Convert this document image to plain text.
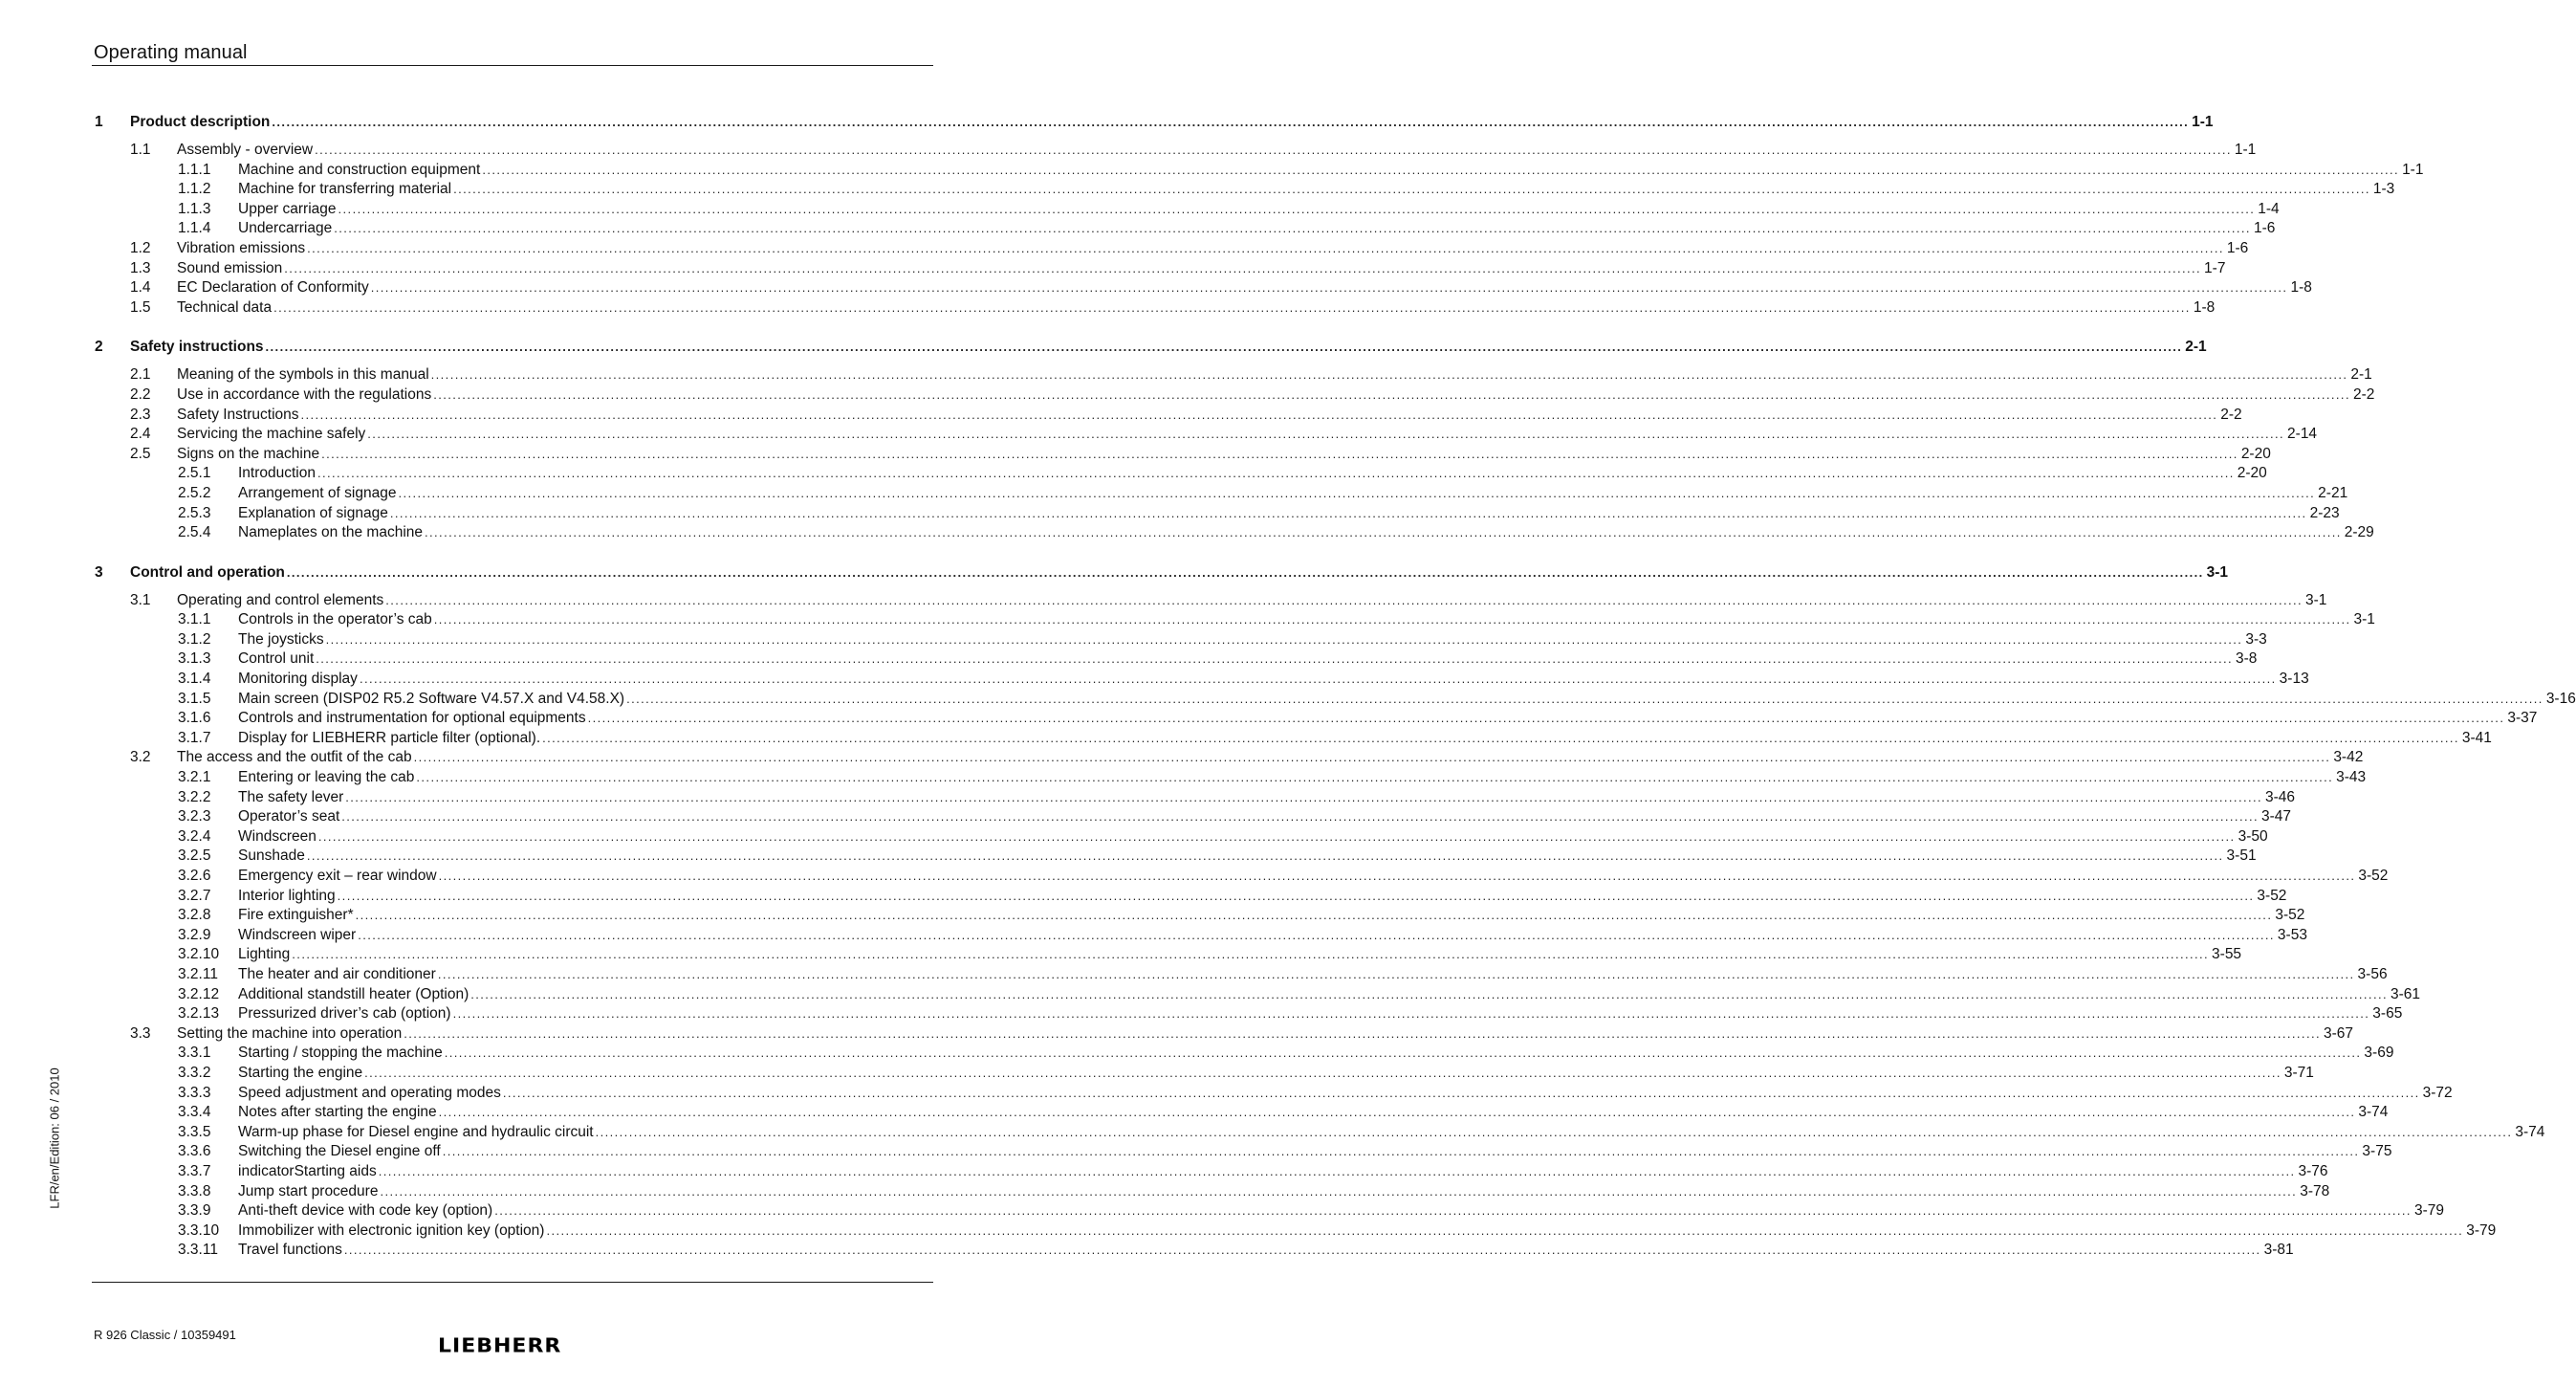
Operating manual
1 Product description ................................................................................................................................................................................................................................................................................................................................................................................................................ 1-1
1.1 Assembly - overview ................................................................................................................................................................................................................................................................................................................................................................................................................ 1-1
1.1.1 Machine and construction equipment ................................................................................................................................................................................................................................................................................................................................................................................................................ 1-1
1.1.2 Machine for transferring material ................................................................................................................................................................................................................................................................................................................................................................................................................ 1-3
1.1.3 Upper carriage ................................................................................................................................................................................................................................................................................................................................................................................................................ 1-4
1.1.4 Undercarriage ................................................................................................................................................................................................................................................................................................................................................................................................................ 1-6
1.2 Vibration emissions ................................................................................................................................................................................................................................................................................................................................................................................................................ 1-6
1.3 Sound emission ................................................................................................................................................................................................................................................................................................................................................................................................................ 1-7
1.4 EC Declaration of Conformity ................................................................................................................................................................................................................................................................................................................................................................................................................ 1-8
1.5 Technical data ................................................................................................................................................................................................................................................................................................................................................................................................................ 1-8
2 Safety instructions ................................................................................................................................................................................................................................................................................................................................................................................................................ 2-1
2.1 Meaning of the symbols in this manual ................................................................................................................................................................................................................................................................................................................................................................................................................ 2-1
2.2 Use in accordance with the regulations ................................................................................................................................................................................................................................................................................................................................................................................................................ 2-2
2.3 Safety Instructions ................................................................................................................................................................................................................................................................................................................................................................................................................ 2-2
2.4 Servicing the machine safely ................................................................................................................................................................................................................................................................................................................................................................................................................ 2-14
2.5 Signs on the machine ................................................................................................................................................................................................................................................................................................................................................................................................................ 2-20
2.5.1 Introduction ................................................................................................................................................................................................................................................................................................................................................................................................................ 2-20
2.5.2 Arrangement of signage ................................................................................................................................................................................................................................................................................................................................................................................................................ 2-21
2.5.3 Explanation of signage ................................................................................................................................................................................................................................................................................................................................................................................................................ 2-23
2.5.4 Nameplates on the machine ................................................................................................................................................................................................................................................................................................................................................................................................................ 2-29
3 Control and operation ................................................................................................................................................................................................................................................................................................................................................................................................................ 3-1
3.1 Operating and control elements ................................................................................................................................................................................................................................................................................................................................................................................................................ 3-1
3.1.1 Controls in the operator’s cab ................................................................................................................................................................................................................................................................................................................................................................................................................ 3-1
3.1.2 The joysticks ................................................................................................................................................................................................................................................................................................................................................................................................................ 3-3
3.1.3 Control unit ................................................................................................................................................................................................................................................................................................................................................................................................................ 3-8
3.1.4 Monitoring display ................................................................................................................................................................................................................................................................................................................................................................................................................ 3-13
3.1.5 Main screen (DISP02 R5.2 Software V4.57.X and V4.58.X) ................................................................................................................................................................................................................................................................................................................................................................................................................ 3-16
3.1.6 Controls and instrumentation for optional equipments ................................................................................................................................................................................................................................................................................................................................................................................................................ 3-37
3.1.7 Display for LIEBHERR particle filter (optional). ................................................................................................................................................................................................................................................................................................................................................................................................................ 3-41
3.2 The access and the outfit of the cab ................................................................................................................................................................................................................................................................................................................................................................................................................ 3-42
3.2.1 Entering or leaving the cab ................................................................................................................................................................................................................................................................................................................................................................................................................ 3-43
3.2.2 The safety lever ................................................................................................................................................................................................................................................................................................................................................................................................................ 3-46
3.2.3 Operator’s seat ................................................................................................................................................................................................................................................................................................................................................................................................................ 3-47
3.2.4 Windscreen ................................................................................................................................................................................................................................................................................................................................................................................................................ 3-50
3.2.5 Sunshade ................................................................................................................................................................................................................................................................................................................................................................................................................ 3-51
3.2.6 Emergency exit – rear window ................................................................................................................................................................................................................................................................................................................................................................................................................ 3-52
3.2.7 Interior lighting ................................................................................................................................................................................................................................................................................................................................................................................................................ 3-52
3.2.8 Fire extinguisher* ................................................................................................................................................................................................................................................................................................................................................................................................................ 3-52
3.2.9 Windscreen wiper ................................................................................................................................................................................................................................................................................................................................................................................................................ 3-53
3.2.10 Lighting ................................................................................................................................................................................................................................................................................................................................................................................................................ 3-55
3.2.11 The heater and air conditioner ................................................................................................................................................................................................................................................................................................................................................................................................................ 3-56
3.2.12 Additional standstill heater (Option) ................................................................................................................................................................................................................................................................................................................................................................................................................ 3-61
3.2.13 Pressurized driver’s cab (option) ................................................................................................................................................................................................................................................................................................................................................................................................................ 3-65
3.3 Setting the machine into operation ................................................................................................................................................................................................................................................................................................................................................................................................................ 3-67
3.3.1 Starting / stopping the machine ................................................................................................................................................................................................................................................................................................................................................................................................................ 3-69
3.3.2 Starting the engine ................................................................................................................................................................................................................................................................................................................................................................................................................ 3-71
3.3.3 Speed adjustment and operating modes ................................................................................................................................................................................................................................................................................................................................................................................................................ 3-72
3.3.4 Notes after starting the engine ................................................................................................................................................................................................................................................................................................................................................................................................................ 3-74
3.3.5 Warm-up phase for Diesel engine and hydraulic circuit ................................................................................................................................................................................................................................................................................................................................................................................................................ 3-74
3.3.6 Switching the Diesel engine off ................................................................................................................................................................................................................................................................................................................................................................................................................ 3-75
3.3.7 indicatorStarting aids ................................................................................................................................................................................................................................................................................................................................................................................................................ 3-76
3.3.8 Jump start procedure ................................................................................................................................................................................................................................................................................................................................................................................................................ 3-78
3.3.9 Anti-theft device with code key (option) ................................................................................................................................................................................................................................................................................................................................................................................................................ 3-79
3.3.10 Immobilizer with electronic ignition key (option) ................................................................................................................................................................................................................................................................................................................................................................................................................ 3-79
3.3.11 Travel functions ................................................................................................................................................................................................................................................................................................................................................................................................................ 3-81
LFR/en/Edition: 06 / 2010
R 926 Classic / 10359491
LIEBHERR
